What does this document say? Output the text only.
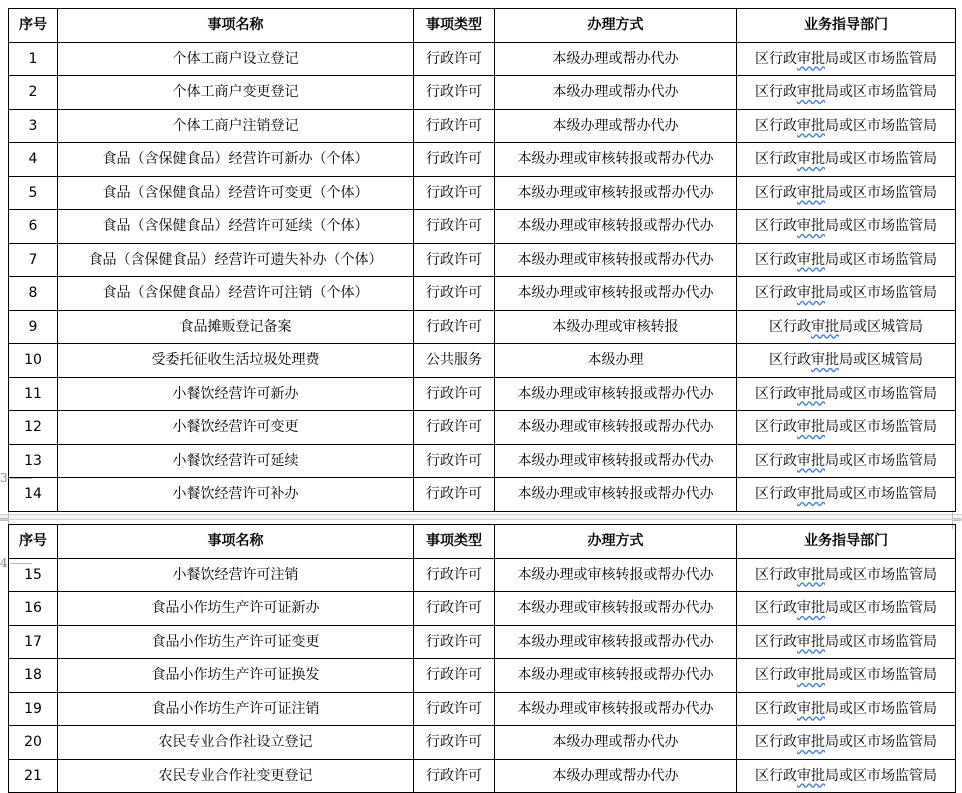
3
4
序号	事项名称	事项类型	办理方式	业务指导部门
1	个体工商户设立登记	行政许可	本级办理或帮办代办	区行政审批局或区市场监管局
2	个体工商户变更登记	行政许可	本级办理或帮办代办	区行政审批局或区市场监管局
3	个体工商户注销登记	行政许可	本级办理或帮办代办	区行政审批局或区市场监管局
4	食品（含保健食品）经营许可新办（个体）	行政许可	本级办理或审核转报或帮办代办	区行政审批局或区市场监管局
5	食品（含保健食品）经营许可变更（个体）	行政许可	本级办理或审核转报或帮办代办	区行政审批局或区市场监管局
6	食品（含保健食品）经营许可延续（个体）	行政许可	本级办理或审核转报或帮办代办	区行政审批局或区市场监管局
7	食品（含保健食品）经营许可遗失补办（个体）	行政许可	本级办理或审核转报或帮办代办	区行政审批局或区市场监管局
8	食品（含保健食品）经营许可注销（个体）	行政许可	本级办理或审核转报或帮办代办	区行政审批局或区市场监管局
9	食品摊贩登记备案	行政许可	本级办理或审核转报	区行政审批局或区城管局
10	受委托征收生活垃圾处理费	公共服务	本级办理	区行政审批局或区城管局
11	小餐饮经营许可新办	行政许可	本级办理或审核转报或帮办代办	区行政审批局或区市场监管局
12	小餐饮经营许可变更	行政许可	本级办理或审核转报或帮办代办	区行政审批局或区市场监管局
13	小餐饮经营许可延续	行政许可	本级办理或审核转报或帮办代办	区行政审批局或区市场监管局
14	小餐饮经营许可补办	行政许可	本级办理或审核转报或帮办代办	区行政审批局或区市场监管局
序号	事项名称	事项类型	办理方式	业务指导部门
15	小餐饮经营许可注销	行政许可	本级办理或审核转报或帮办代办	区行政审批局或区市场监管局
16	食品小作坊生产许可证新办	行政许可	本级办理或审核转报或帮办代办	区行政审批局或区市场监管局
17	食品小作坊生产许可证变更	行政许可	本级办理或审核转报或帮办代办	区行政审批局或区市场监管局
18	食品小作坊生产许可证换发	行政许可	本级办理或审核转报或帮办代办	区行政审批局或区市场监管局
19	食品小作坊生产许可证注销	行政许可	本级办理或审核转报或帮办代办	区行政审批局或区市场监管局
20	农民专业合作社设立登记	行政许可	本级办理或帮办代办	区行政审批局或区市场监管局
21	农民专业合作社变更登记	行政许可	本级办理或帮办代办	区行政审批局或区市场监管局
